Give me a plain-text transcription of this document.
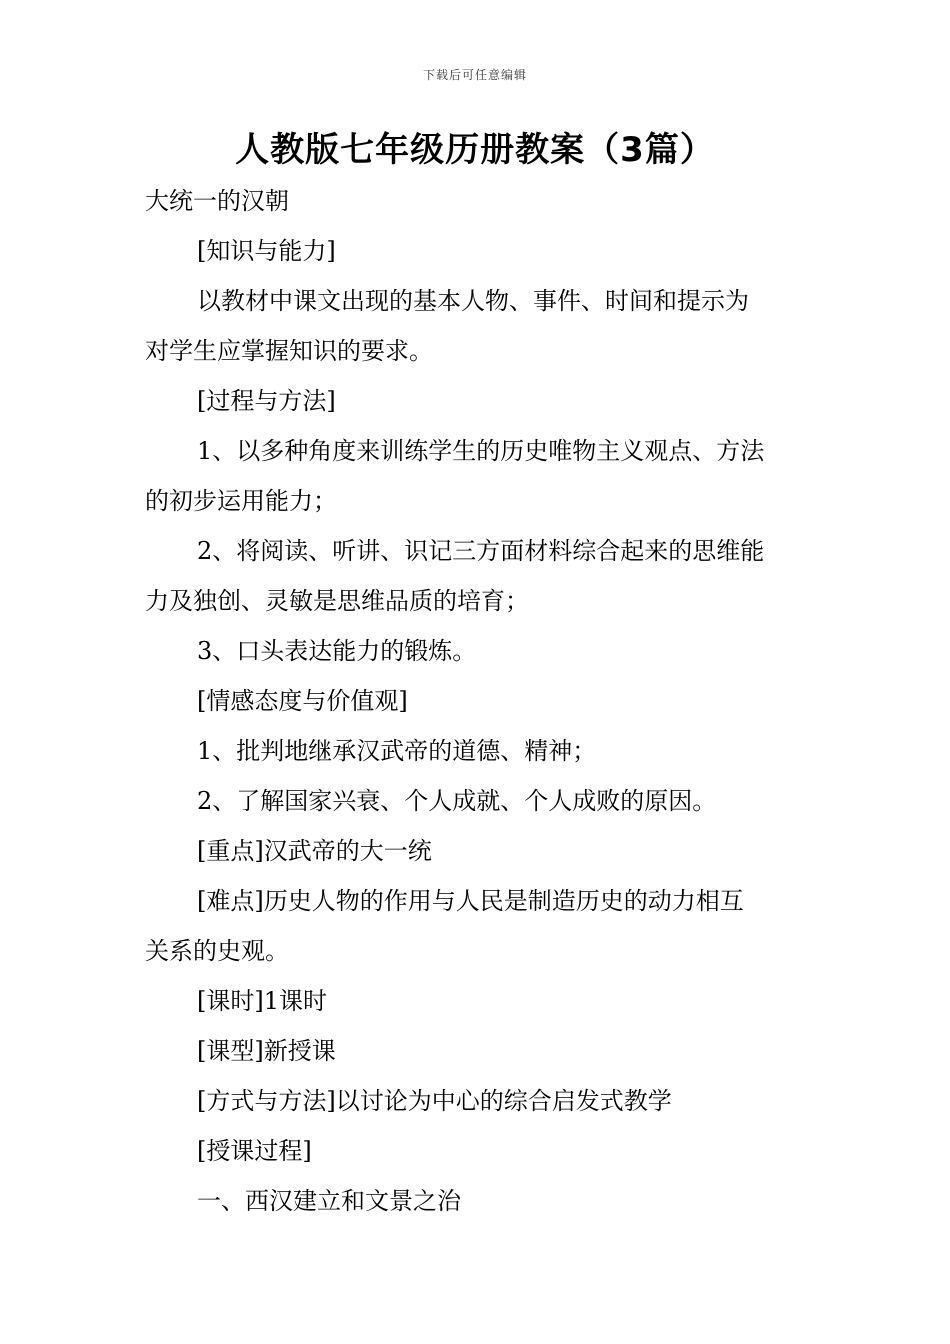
下载后可任意编辑
人教版七年级历册教案（3篇）
大统一的汉朝
[知识与能力]
以教材中课文出现的基本人物、事件、时间和提示为
对学生应掌握知识的要求。
[过程与方法]
1、以多种角度来训练学生的历史唯物主义观点、方法
的初步运用能力；
2、将阅读、听讲、识记三方面材料综合起来的思维能
力及独创、灵敏是思维品质的培育；
3、口头表达能力的锻炼。
[情感态度与价值观]
1、批判地继承汉武帝的道德、精神；
2、了解国家兴衰、个人成就、个人成败的原因。
[重点]汉武帝的大一统
[难点]历史人物的作用与人民是制造历史的动力相互
关系的史观。
[课时]1课时
[课型]新授课
[方式与方法]以讨论为中心的综合启发式教学
[授课过程]
一、西汉建立和文景之治
